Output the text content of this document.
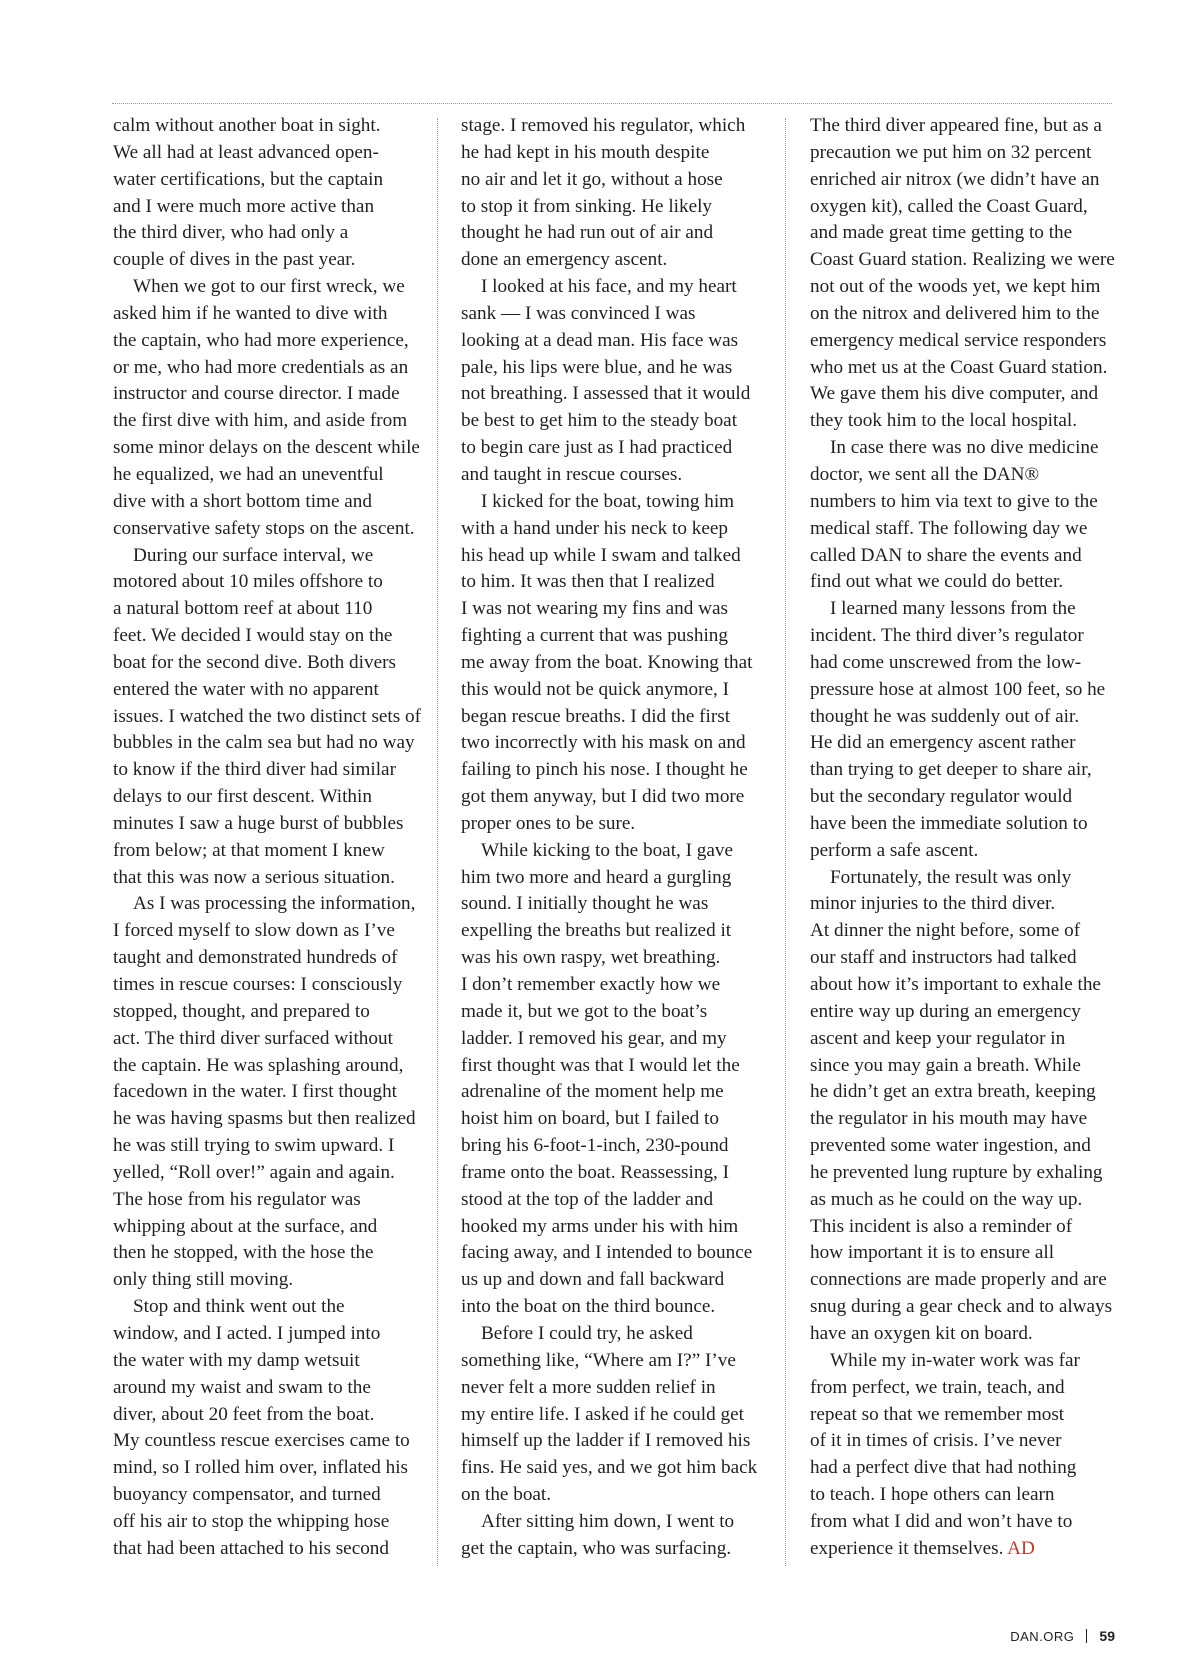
calm without another boat in sight.

We all had at least advanced open-

water certifications, but the captain

and I were much more active than

the third diver, who had only a

couple of dives in the past year.

When we got to our first wreck, we

asked him if he wanted to dive with

the captain, who had more experience,

or me, who had more credentials as an

instructor and course director. I made

the first dive with him, and aside from

some minor delays on the descent while

he equalized, we had an uneventful

dive with a short bottom time and

conservative safety stops on the ascent.

During our surface interval, we

motored about 10 miles offshore to

a natural bottom reef at about 110

feet. We decided I would stay on the

boat for the second dive. Both divers

entered the water with no apparent

issues. I watched the two distinct sets of

bubbles in the calm sea but had no way

to know if the third diver had similar

delays to our first descent. Within

minutes I saw a huge burst of bubbles

from below; at that moment I knew

that this was now a serious situation.

As I was processing the information,

I forced myself to slow down as I’ve

taught and demonstrated hundreds of

times in rescue courses: I consciously

stopped, thought, and prepared to

act. The third diver surfaced without

the captain. He was splashing around,

facedown in the water. I first thought

he was having spasms but then realized

he was still trying to swim upward. I

yelled, “Roll over!” again and again.

The hose from his regulator was

whipping about at the surface, and

then he stopped, with the hose the

only thing still moving.

Stop and think went out the

window, and I acted. I jumped into

the water with my damp wetsuit

around my waist and swam to the

diver, about 20 feet from the boat.

My countless rescue exercises came to

mind, so I rolled him over, inflated his

buoyancy compensator, and turned

off his air to stop the whipping hose

that had been attached to his second

stage. I removed his regulator, which

he had kept in his mouth despite

no air and let it go, without a hose

to stop it from sinking. He likely

thought he had run out of air and

done an emergency ascent.

I looked at his face, and my heart

sank — I was convinced I was

looking at a dead man. His face was

pale, his lips were blue, and he was

not breathing. I assessed that it would

be best to get him to the steady boat

to begin care just as I had practiced

and taught in rescue courses.

I kicked for the boat, towing him

with a hand under his neck to keep

his head up while I swam and talked

to him. It was then that I realized

I was not wearing my fins and was

fighting a current that was pushing

me away from the boat. Knowing that

this would not be quick anymore, I

began rescue breaths. I did the first

two incorrectly with his mask on and

failing to pinch his nose. I thought he

got them anyway, but I did two more

proper ones to be sure.

While kicking to the boat, I gave

him two more and heard a gurgling

sound. I initially thought he was

expelling the breaths but realized it

was his own raspy, wet breathing.

I don’t remember exactly how we

made it, but we got to the boat’s

ladder. I removed his gear, and my

first thought was that I would let the

adrenaline of the moment help me

hoist him on board, but I failed to

bring his 6-foot-1-inch, 230-pound

frame onto the boat. Reassessing, I

stood at the top of the ladder and

hooked my arms under his with him

facing away, and I intended to bounce

us up and down and fall backward

into the boat on the third bounce.

Before I could try, he asked

something like, “Where am I?” I’ve

never felt a more sudden relief in

my entire life. I asked if he could get

himself up the ladder if I removed his

fins. He said yes, and we got him back

on the boat.

After sitting him down, I went to

get the captain, who was surfacing.

The third diver appeared fine, but as a

precaution we put him on 32 percent

enriched air nitrox (we didn’t have an

oxygen kit), called the Coast Guard,

and made great time getting to the

Coast Guard station. Realizing we were

not out of the woods yet, we kept him

on the nitrox and delivered him to the

emergency medical service responders

who met us at the Coast Guard station.

We gave them his dive computer, and

they took him to the local hospital.

In case there was no dive medicine

doctor, we sent all the DAN®

numbers to him via text to give to the

medical staff. The following day we

called DAN to share the events and

find out what we could do better.

I learned many lessons from the

incident. The third diver’s regulator

had come unscrewed from the low-

pressure hose at almost 100 feet, so he

thought he was suddenly out of air.

He did an emergency ascent rather

than trying to get deeper to share air,

but the secondary regulator would

have been the immediate solution to

perform a safe ascent.

Fortunately, the result was only

minor injuries to the third diver.

At dinner the night before, some of

our staff and instructors had talked

about how it’s important to exhale the

entire way up during an emergency

ascent and keep your regulator in

since you may gain a breath. While

he didn’t get an extra breath, keeping

the regulator in his mouth may have

prevented some water ingestion, and

he prevented lung rupture by exhaling

as much as he could on the way up.

This incident is also a reminder of

how important it is to ensure all

connections are made properly and are

snug during a gear check and to always

have an oxygen kit on board.

While my in-water work was far

from perfect, we train, teach, and

repeat so that we remember most

of it in times of crisis. I’ve never

had a perfect dive that had nothing

to teach. I hope others can learn

from what I did and won’t have to

experience it themselves. AD

DAN.ORG 59
